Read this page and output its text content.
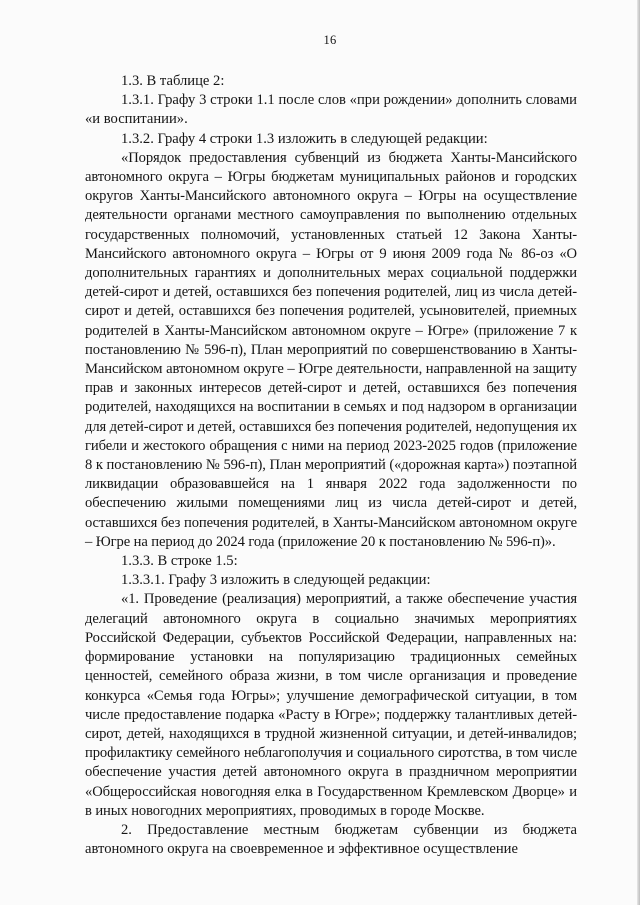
16

1.3. В таблице 2:

1.3.1. Графу 3 строки 1.1 после слов «при рождении» дополнить словами «и воспитании».

1.3.2. Графу 4 строки 1.3 изложить в следующей редакции:

«Порядок предоставления субвенций из бюджета Ханты-Мансийского автономного округа – Югры бюджетам муниципальных районов и городских округов Ханты-Мансийского автономного округа – Югры на осуществление деятельности органами местного самоуправления по выполнению отдельных государственных полномочий, установленных статьей 12 Закона Ханты-Мансийского автономного округа – Югры от 9 июня 2009 года № 86-оз «О дополнительных гарантиях и дополнительных мерах социальной поддержки детей-сирот и детей, оставшихся без попечения родителей, лиц из числа детей-сирот и детей, оставшихся без попечения родителей, усыновителей, приемных родителей в Ханты-Мансийском автономном округе – Югре» (приложение 7 к постановлению № 596-п), План мероприятий по совершенствованию в Ханты-Мансийском автономном округе – Югре деятельности, направленной на защиту прав и законных интересов детей-сирот и детей, оставшихся без попечения родителей, находящихся на воспитании в семьях и под надзором в организации для детей-сирот и детей, оставшихся без попечения родителей, недопущения их гибели и жестокого обращения с ними на период 2023-2025 годов (приложение 8 к постановлению № 596-п), План мероприятий («дорожная карта») поэтапной ликвидации образовавшейся на 1 января 2022 года задолженности по обеспечению жилыми помещениями лиц из числа детей-сирот и детей, оставшихся без попечения родителей, в Ханты-Мансийском автономном округе – Югре на период до 2024 года (приложение 20 к постановлению № 596-п)».

1.3.3. В строке 1.5:

1.3.3.1. Графу 3 изложить в следующей редакции:

«1. Проведение (реализация) мероприятий, а также обеспечение участия делегаций автономного округа в социально значимых мероприятиях Российской Федерации, субъектов Российской Федерации, направленных на: формирование установки на популяризацию традиционных семейных ценностей, семейного образа жизни, в том числе организация и проведение конкурса «Семья года Югры»; улучшение демографической ситуации, в том числе предоставление подарка «Расту в Югре»; поддержку талантливых детей-сирот, детей, находящихся в трудной жизненной ситуации, и детей-инвалидов; профилактику семейного неблагополучия и социального сиротства, в том числе обеспечение участия детей автономного округа в праздничном мероприятии «Общероссийская новогодняя елка в Государственном Кремлевском Дворце» и в иных новогодних мероприятиях, проводимых в городе Москве.

2. Предоставление местным бюджетам субвенции из бюджета автономного округа на своевременное и эффективное осуществление
